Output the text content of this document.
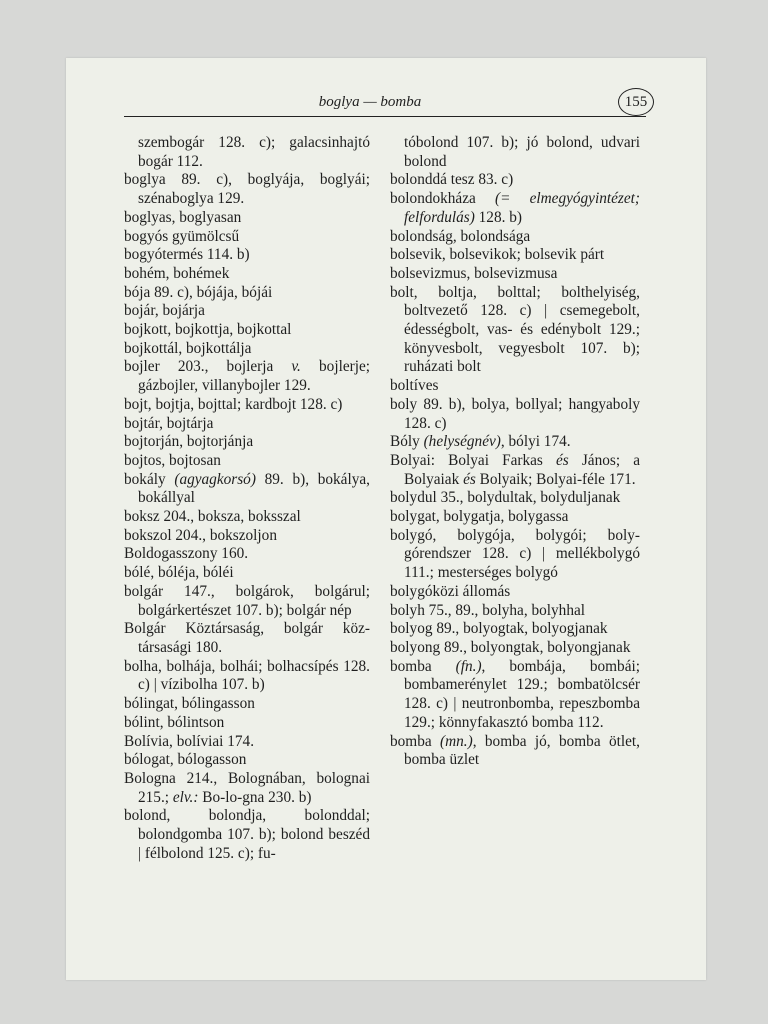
boglya — bomba	155
szembogár 128. c); galacsinhajtó bogár 112.
boglya 89. c), boglyája, boglyái; szénaboglya 129.
boglyas, boglyasan
bogyós gyümölcsű
bogyótermés 114. b)
bohém, bohémek
bója 89. c), bójája, bójái
bojár, bojárja
bojkott, bojkottja, bojkottal
bojkottál, bojkottálja
bojler 203., bojlerja v. bojlerje; gázbojler, villanybojler 129.
bojt, bojtja, bojttal; kardbojt 128. c)
bojtár, bojtárja
bojtorján, bojtorjánja
bojtos, bojtosan
bokály (agyagkorsó) 89. b), bokálya, bokállyal
boksz 204., boksza, boksszal
bokszol 204., bokszoljon
Boldogasszony 160.
bólé, bóléja, bóléi
bolgár 147., bolgárok, bolgárul; bolgárkertészet 107. b); bolgár nép
Bolgár Köztársaság, bolgár köztársasági 180.
bolha, bolhája, bolhái; bolhacsípés 128. c) | vízibolha 107. b)
bólingat, bólingasson
bólint, bólintson
Bolívia, bolíviai 174.
bólogat, bólogasson
Bologna 214., Bolognában, bolognai 215.; elv.: Bo-lo-gna 230. b)
bolond, bolondja, bolonddal; bolondgomba 107. b); bolond beszéd | félbolond 125. c); fu-
tóbolond 107. b); jó bolond, udvari bolond
bolonddá tesz 83. c)
bolondokháza (= elmegyógyintézet; felfordulás) 128. b)
bolondság, bolondsága
bolsevik, bolsevikok; bolsevik párt
bolsevizmus, bolsevizmusa
bolt, boltja, bolttal; bolthelyiség, boltvezető 128. c) | csemegebolt, édességbolt, vas- és edénybolt 129.; könyvesbolt, vegyesbolt 107. b); ruházati bolt
boltíves
boly 89. b), bolya, bollyal; hangyaboly 128. c)
Bóly (helységnév), bólyi 174.
Bolyai: Bolyai Farkas és János; a Bolyaiak és Bolyaik; Bolyai-féle 171.
bolydul 35., bolydultak, bolyduljanak
bolygat, bolygatja, bolygassa
bolygó, bolygója, bolygói; bolygórendszer 128. c) | mellékbolygó 111.; mesterséges bolygó
bolygóközi állomás
bolyh 75., 89., bolyha, bolyhhal
bolyog 89., bolyogtak, bolyogjanak
bolyong 89., bolyongtak, bolyongjanak
bomba (fn.), bombája, bombái; bombamerénylet 129.; bombatölcsér 128. c) | neutronbomba, repeszbomba 129.; könnyfakasztó bomba 112.
bomba (mn.), bomba jó, bomba ötlet, bomba üzlet
